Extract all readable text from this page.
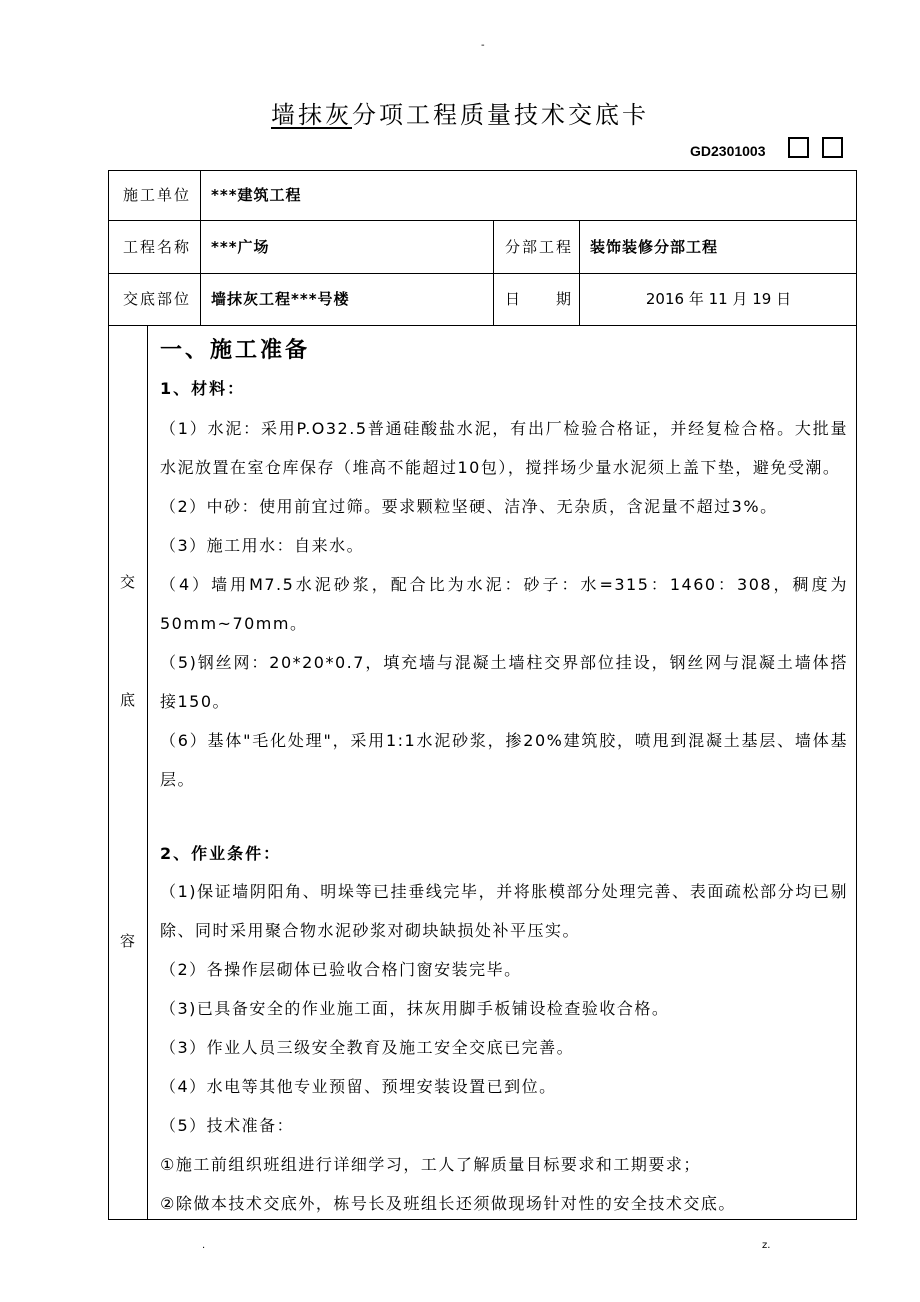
-
墙抹灰分项工程质量技术交底卡
GD2301003
施工单位 ***建筑工程
工程名称 ***广场	分部工程 装饰装修分部工程
交底部位 墙抹灰工程***号楼	日　　期	2016 年 11 月 19 日
交
底
容
一、施工准备
1、材料：
（1）水泥：采用P.O32.5普通硅酸盐水泥，有出厂检验合格证，并经复检合格。大批量水泥放置在室仓库保存（堆高不能超过10包），搅拌场少量水泥须上盖下垫，避免受潮。
（2）中砂：使用前宜过筛。要求颗粒坚硬、洁净、无杂质，含泥量不超过3%。
（3）施工用水：自来水。
（4）墙用M7.5水泥砂浆，配合比为水泥：砂子：水=315：1460：308，稠度为50mm~70mm。
（5)钢丝网：20*20*0.7，填充墙与混凝土墙柱交界部位挂设，钢丝网与混凝土墙体搭接150。
（6）基体"毛化处理"，采用1:1水泥砂浆，掺20%建筑胶，喷甩到混凝土基层、墙体基层。
2、作业条件：
（1)保证墙阴阳角、明垛等已挂垂线完毕，并将胀模部分处理完善、表面疏松部分均已剔除、同时采用聚合物水泥砂浆对砌块缺损处补平压实。
（2）各操作层砌体已验收合格门窗安装完毕。
（3)已具备安全的作业施工面，抹灰用脚手板铺设检查验收合格。
（3）作业人员三级安全教育及施工安全交底已完善。
（4）水电等其他专业预留、预埋安装设置已到位。
（5）技术准备：
①施工前组织班组进行详细学习，工人了解质量目标要求和工期要求；
②除做本技术交底外，栋号长及班组长还须做现场针对性的安全技术交底。
.	z.
